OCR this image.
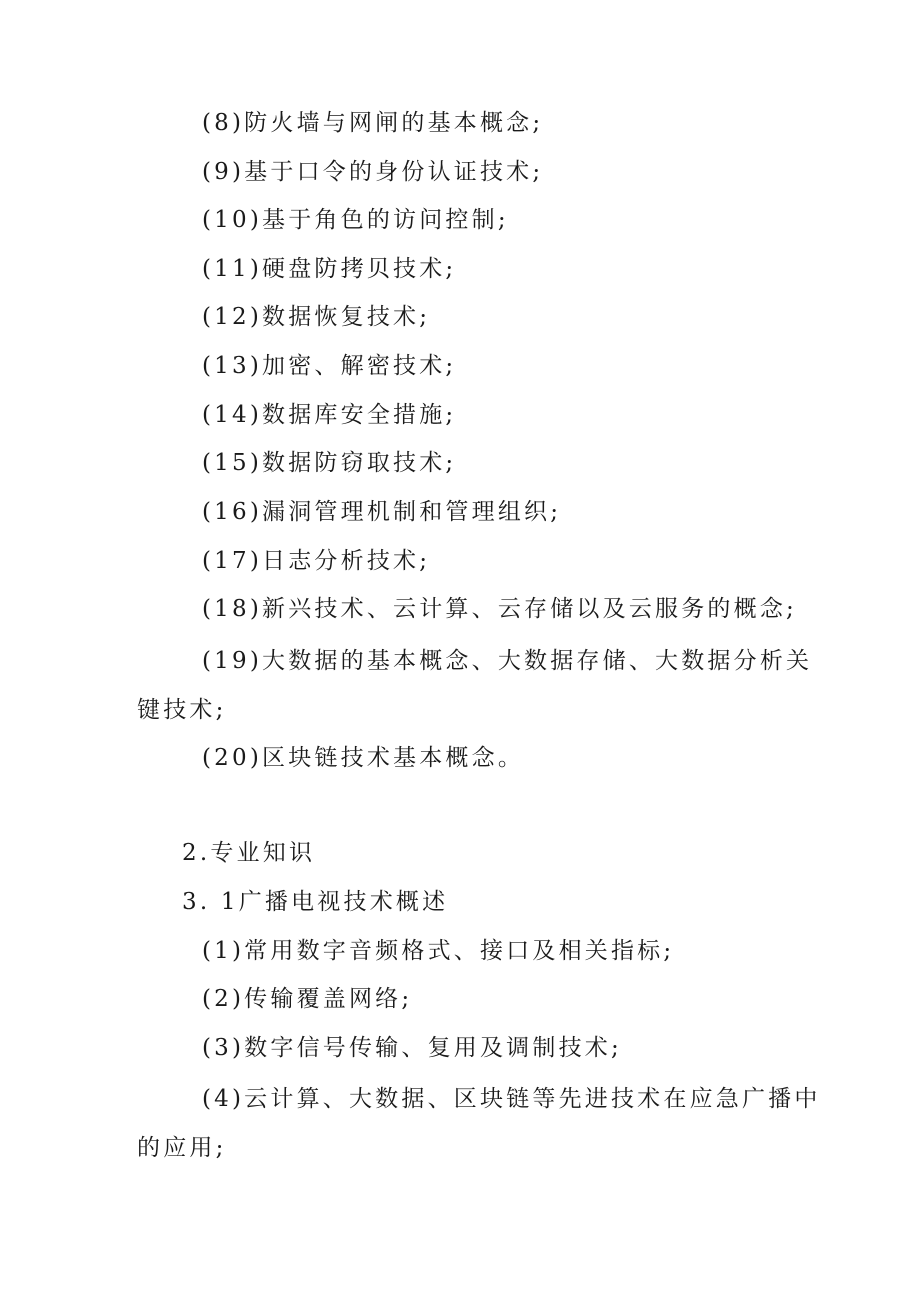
(8)防火墙与网闸的基本概念;
(9)基于口令的身份认证技术;
(10)基于角色的访问控制;
(11)硬盘防拷贝技术;
(12)数据恢复技术;
(13)加密、解密技术;
(14)数据库安全措施;
(15)数据防窃取技术;
(16)漏洞管理机制和管理组织;
(17)日志分析技术;
(18)新兴技术、云计算、云存储以及云服务的概念;
(19)大数据的基本概念、大数据存储、大数据分析关
键技术;
(20)区块链技术基本概念。
2.专业知识
3. 1广播电视技术概述
(1)常用数字音频格式、接口及相关指标;
(2)传输覆盖网络;
(3)数字信号传输、复用及调制技术;
(4)云计算、大数据、区块链等先进技术在应急广播中
的应用;
